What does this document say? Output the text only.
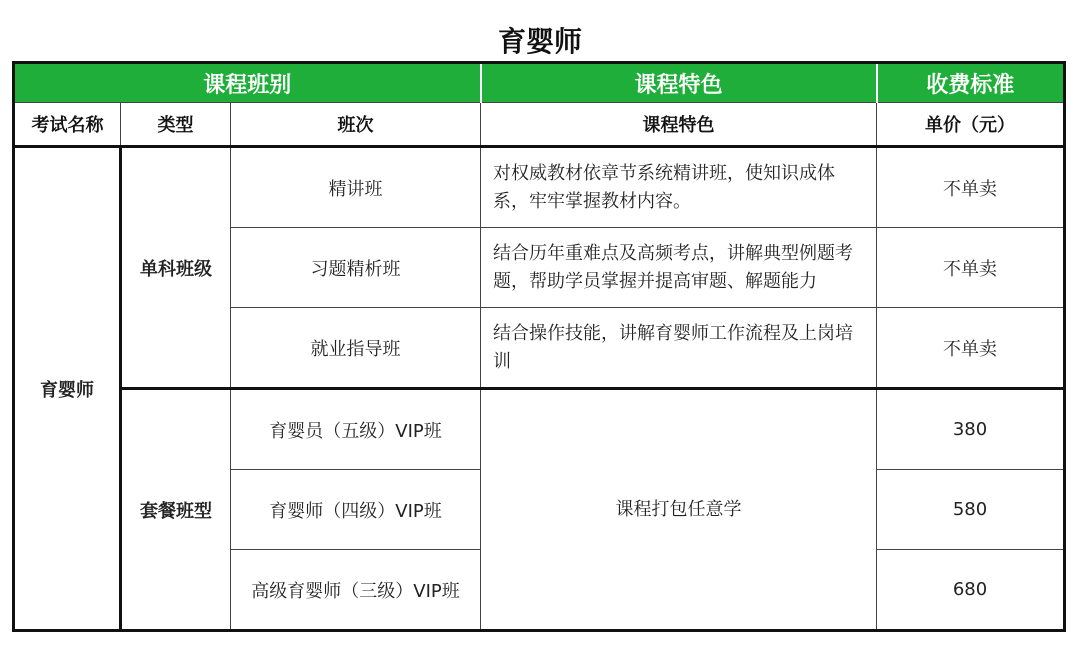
育婴师
课程班别			课程特色	收费标准
考试名称	类型	班次	课程特色	单价（元）
育婴师	单科班级	精讲班	对权威教材依章节系统精讲班，使知识成体系，牢牢掌握教材内容。	不单卖
		习题精析班	结合历年重难点及高频考点，讲解典型例题考题，帮助学员掌握并提高审题、解题能力	不单卖
		就业指导班	结合操作技能，讲解育婴师工作流程及上岗培训	不单卖
	套餐班型	育婴员（五级）VIP班	课程打包任意学	380
		育婴师（四级）VIP班		580
		高级育婴师（三级）VIP班		680
